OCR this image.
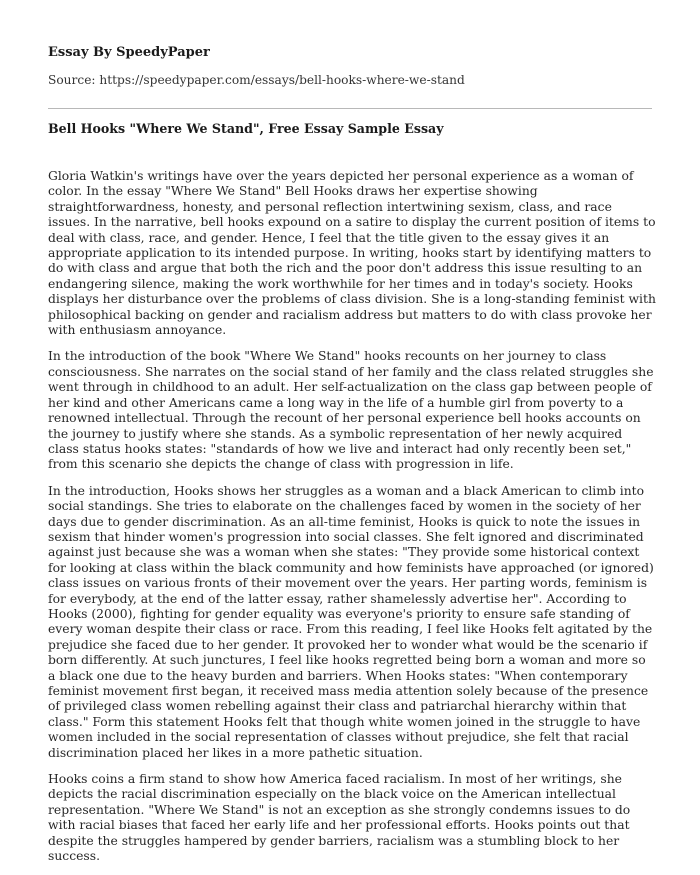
Essay By SpeedyPaper
Source: https://speedypaper.com/essays/bell-hooks-where-we-stand
Bell Hooks "Where We Stand", Free Essay Sample Essay

Gloria Watkin's writings have over the years depicted her personal experience as a woman of color. In the essay "Where We Stand" Bell Hooks draws her expertise showing straightforwardness, honesty, and personal reflection intertwining sexism, class, and race issues. In the narrative, bell hooks expound on a satire to display the current position of items to deal with class, race, and gender. Hence, I feel that the title given to the essay gives it an appropriate application to its intended purpose. In writing, hooks start by identifying matters to do with class and argue that both the rich and the poor don't address this issue resulting to an endangering silence, making the work worthwhile for her times and in today's society. Hooks displays her disturbance over the problems of class division. She is a long-standing feminist with philosophical backing on gender and racialism address but matters to do with class provoke her with enthusiasm annoyance.

In the introduction of the book "Where We Stand" hooks recounts on her journey to class consciousness. She narrates on the social stand of her family and the class related struggles she went through in childhood to an adult. Her self-actualization on the class gap between people of her kind and other Americans came a long way in the life of a humble girl from poverty to a renowned intellectual. Through the recount of her personal experience bell hooks accounts on the journey to justify where she stands. As a symbolic representation of her newly acquired class status hooks states: "standards of how we live and interact had only recently been set," from this scenario she depicts the change of class with progression in life.

In the introduction, Hooks shows her struggles as a woman and a black American to climb into social standings. She tries to elaborate on the challenges faced by women in the society of her days due to gender discrimination. As an all-time feminist, Hooks is quick to note the issues in sexism that hinder women's progression into social classes. She felt ignored and discriminated against just because she was a woman when she states: "They provide some historical context for looking at class within the black community and how feminists have approached (or ignored) class issues on various fronts of their movement over the years. Her parting words, feminism is for everybody, at the end of the latter essay, rather shamelessly advertise her". According to Hooks (2000), fighting for gender equality was everyone's priority to ensure safe standing of every woman despite their class or race. From this reading, I feel like Hooks felt agitated by the prejudice she faced due to her gender. It provoked her to wonder what would be the scenario if born differently. At such junctures, I feel like hooks regretted being born a woman and more so a black one due to the heavy burden and barriers. When Hooks states: "When contemporary feminist movement first began, it received mass media attention solely because of the presence of privileged class women rebelling against their class and patriarchal hierarchy within that class." Form this statement Hooks felt that though white women joined in the struggle to have women included in the social representation of classes without prejudice, she felt that racial discrimination placed her likes in a more pathetic situation.

Hooks coins a firm stand to show how America faced racialism. In most of her writings, she depicts the racial discrimination especially on the black voice on the American intellectual representation. "Where We Stand" is not an exception as she strongly condemns issues to do with racial biases that faced her early life and her professional efforts. Hooks points out that despite the struggles hampered by gender barriers, racialism was a stumbling block to her success.
